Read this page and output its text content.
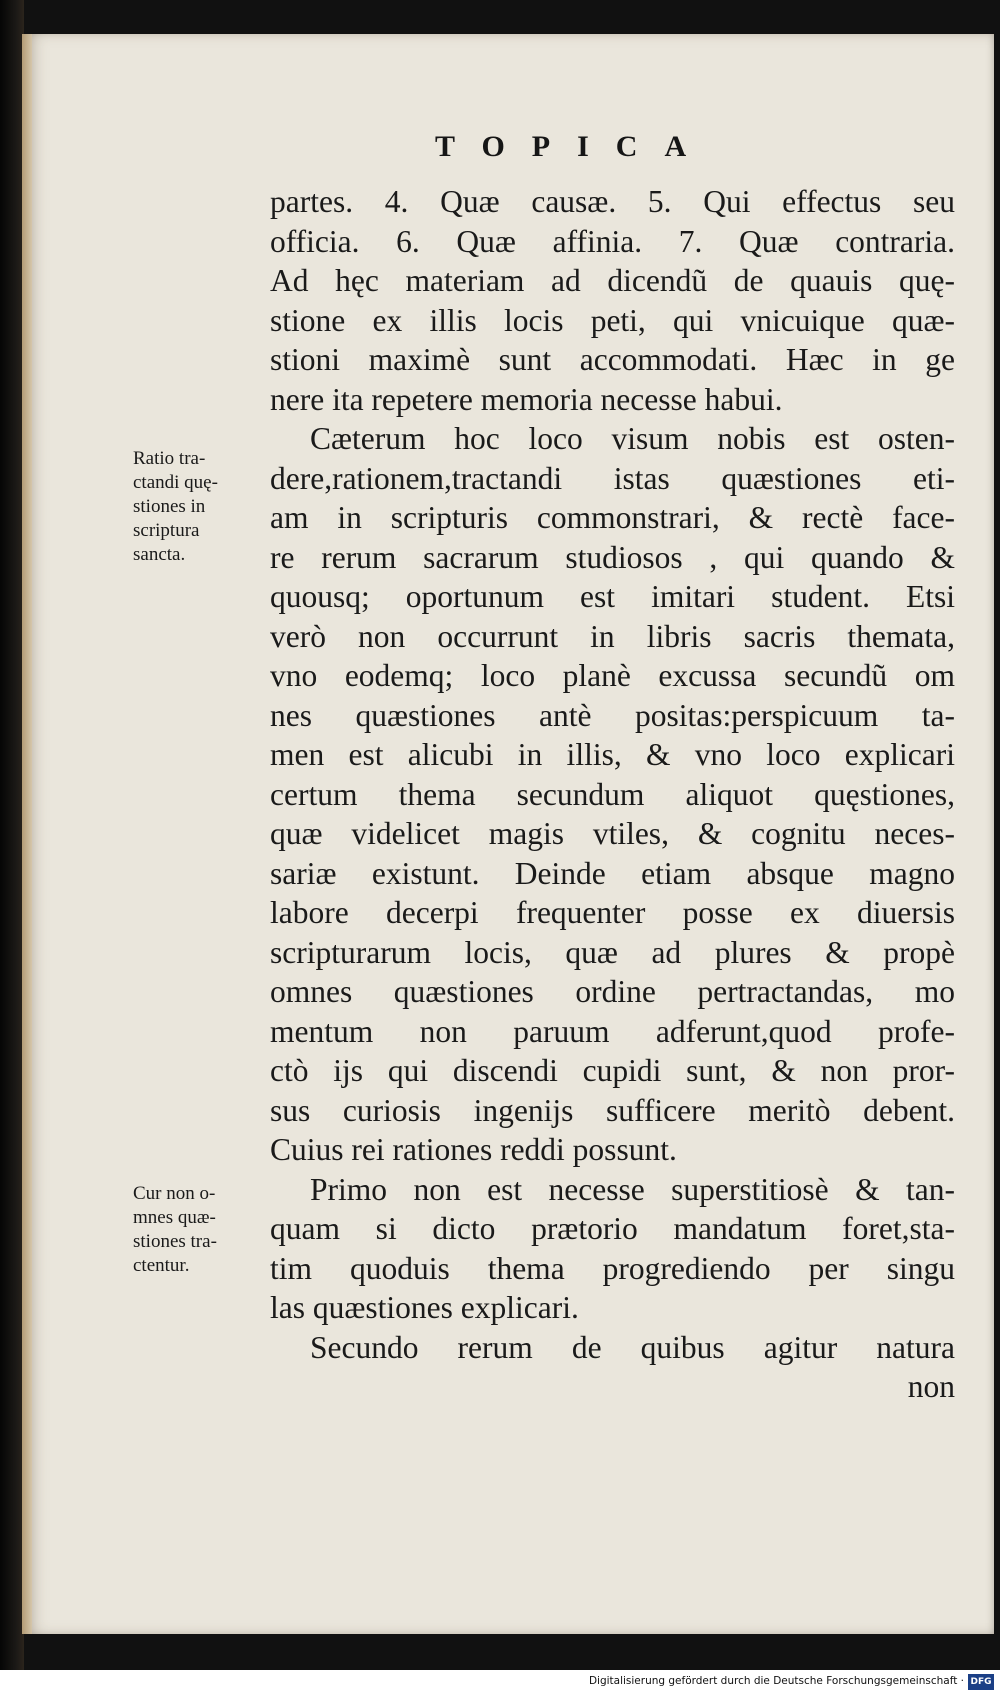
TOPICA
Ratio tra-
ctandi quę-
stiones in
scriptura
sancta.
Cur non o-
mnes quæ-
stiones tra-
ctentur.
partes. 4. Quæ causæ. 5. Qui effectus seu
officia. 6. Quæ affinia. 7. Quæ contraria.
Ad hęc materiam ad dicendũ de quauis quę-
stione ex illis locis peti, qui vnicuique quæ-
stioni maximè sunt accommodati. Hæc in ge
nere ita repetere memoria necesse habui.
Cæterum hoc loco visum nobis est osten-
dere,rationem,tractandi istas quæstiones eti-
am in scripturis commonstrari, & rectè face-
re rerum sacrarum studiosos , qui quando &
quousq; oportunum est imitari student. Etsi
verò non occurrunt in libris sacris themata,
vno eodemq; loco planè excussa secundũ om
nes quæstiones antè positas:perspicuum ta-
men est alicubi in illis, & vno loco explicari
certum thema secundum aliquot quęstiones,
quæ videlicet magis vtiles, & cognitu neces-
sariæ existunt. Deinde etiam absque magno
labore decerpi frequenter posse ex diuersis
scripturarum locis, quæ ad plures & propè
omnes quæstiones ordine pertractandas, mo
mentum non paruum adferunt,quod profe-
ctò ijs qui discendi cupidi sunt, & non pror-
sus curiosis ingenijs sufficere meritò debent.
Cuius rei rationes reddi possunt.
Primo non est necesse superstitiosè & tan-
quam si dicto prætorio mandatum foret,sta-
tim quoduis thema progrediendo per singu
las quæstiones explicari.
Secundo rerum de quibus agitur natura
non
Digitalisierung gefördert durch die Deutsche Forschungsgemeinschaft · DFG
